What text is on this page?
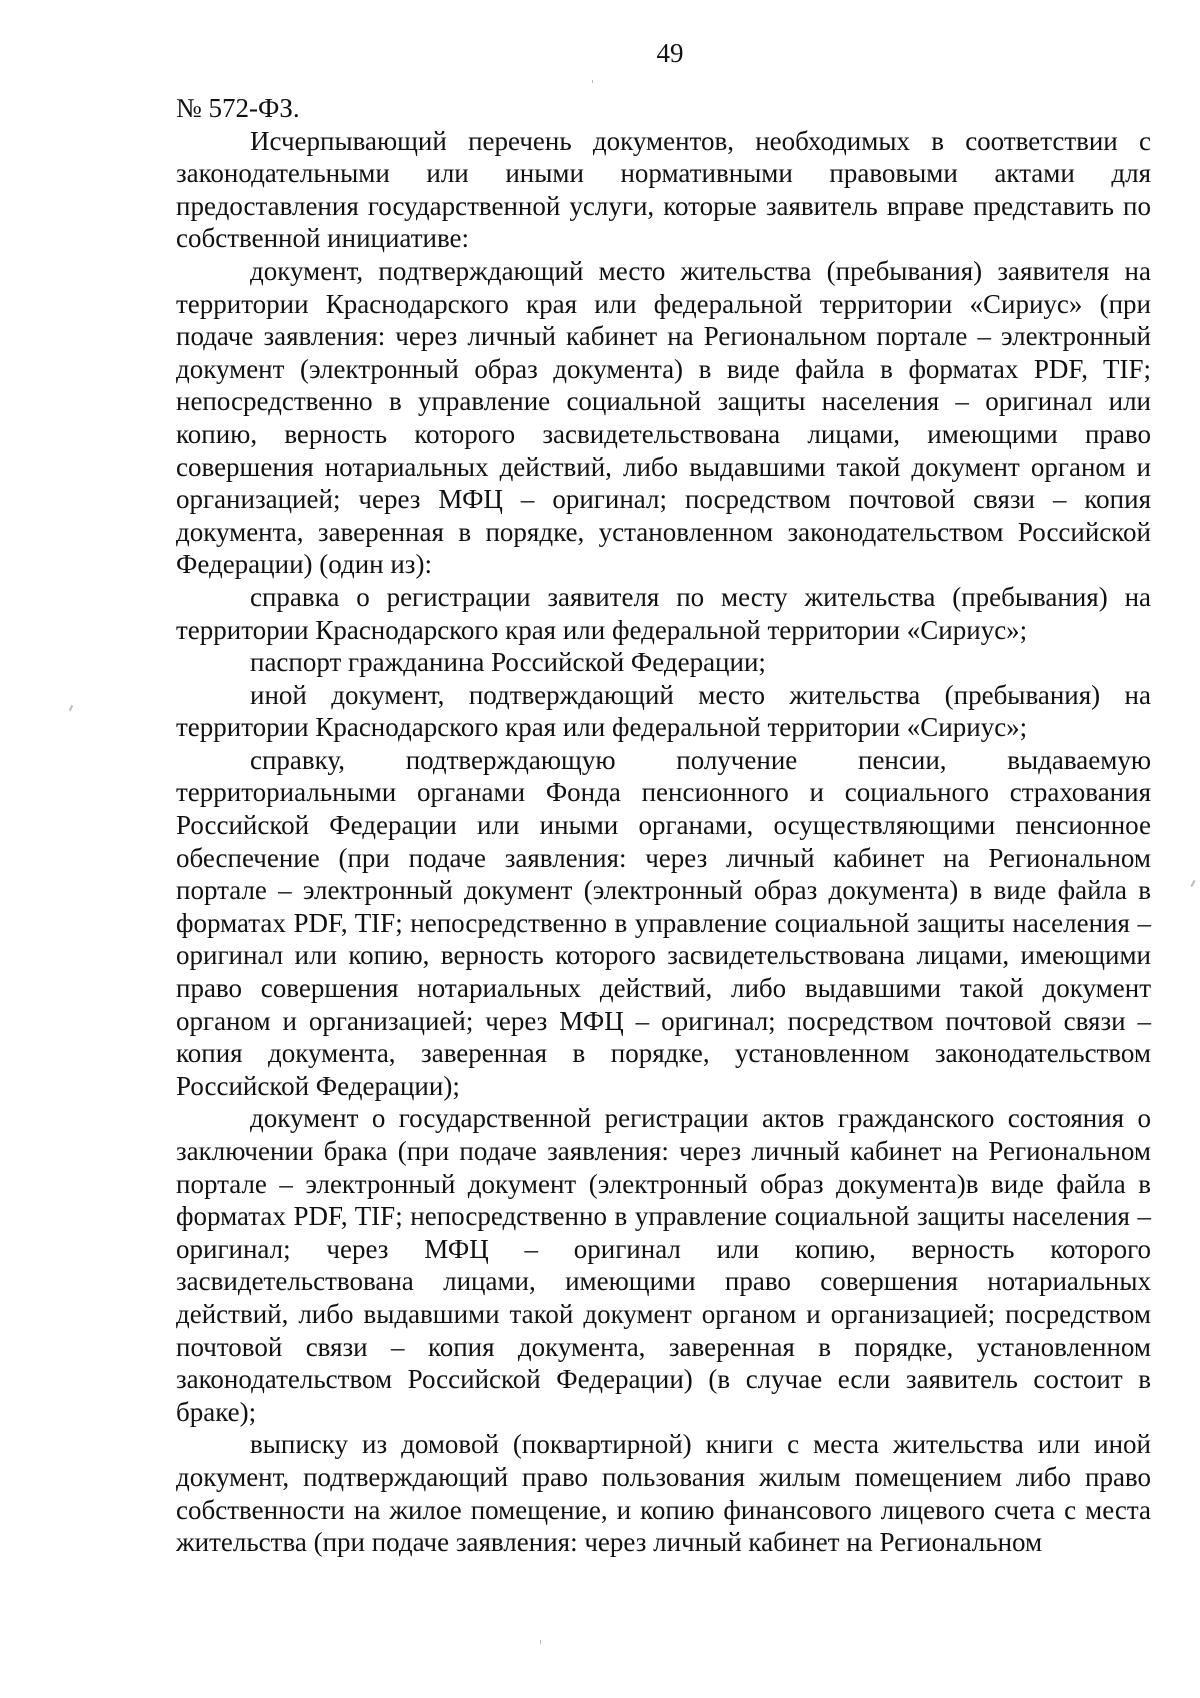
49

№ 572-ФЗ.

Исчерпывающий перечень документов, необходимых в соответствии с законодательными или иными нормативными правовыми актами для предоставления государственной услуги, которые заявитель вправе представить по собственной инициативе:

документ, подтверждающий место жительства (пребывания) заявителя на территории Краснодарского края или федеральной территории «Сириус» (при подаче заявления: через личный кабинет на Региональном портале – электронный документ (электронный образ документа) в виде файла в форматах PDF, TIF; непосредственно в управление социальной защиты населения – оригинал или копию, верность которого засвидетельствована лицами, имеющими право совершения нотариальных действий, либо выдавшими такой документ органом и организацией; через МФЦ – оригинал; посредством почтовой связи – копия документа, заверенная в порядке, установленном законодательством Российской Федерации) (один из):

справка о регистрации заявителя по месту жительства (пребывания) на территории Краснодарского края или федеральной территории «Сириус»;

паспорт гражданина Российской Федерации;

иной документ, подтверждающий место жительства (пребывания) на территории Краснодарского края или федеральной территории «Сириус»;

справку, подтверждающую получение пенсии, выдаваемую территориальными органами Фонда пенсионного и социального страхования Российской Федерации или иными органами, осуществляющими пенсионное обеспечение (при подаче заявления: через личный кабинет на Региональном портале – электронный документ (электронный образ документа) в виде файла в форматах PDF, TIF; непосредственно в управление социальной защиты населения – оригинал или копию, верность которого засвидетельствована лицами, имеющими право совершения нотариальных действий, либо выдавшими такой документ органом и организацией; через МФЦ – оригинал; посредством почтовой связи – копия документа, заверенная в порядке, установленном законодательством Российской Федерации);

документ о государственной регистрации актов гражданского состояния о заключении брака (при подаче заявления: через личный кабинет на Региональном портале – электронный документ (электронный образ документа)в виде файла в форматах PDF, TIF; непосредственно в управление социальной защиты населения – оригинал; через МФЦ – оригинал или копию, верность которого засвидетельствована лицами, имеющими право совершения нотариальных действий, либо выдавшими такой документ органом и организацией; посредством почтовой связи – копия документа, заверенная в порядке, установленном законодательством Российской Федерации) (в случае если заявитель состоит в браке);

выписку из домовой (поквартирной) книги с места жительства или иной документ, подтверждающий право пользования жилым помещением либо право собственности на жилое помещение, и копию финансового лицевого счета с места жительства (при подаче заявления: через личный кабинет на Региональном
